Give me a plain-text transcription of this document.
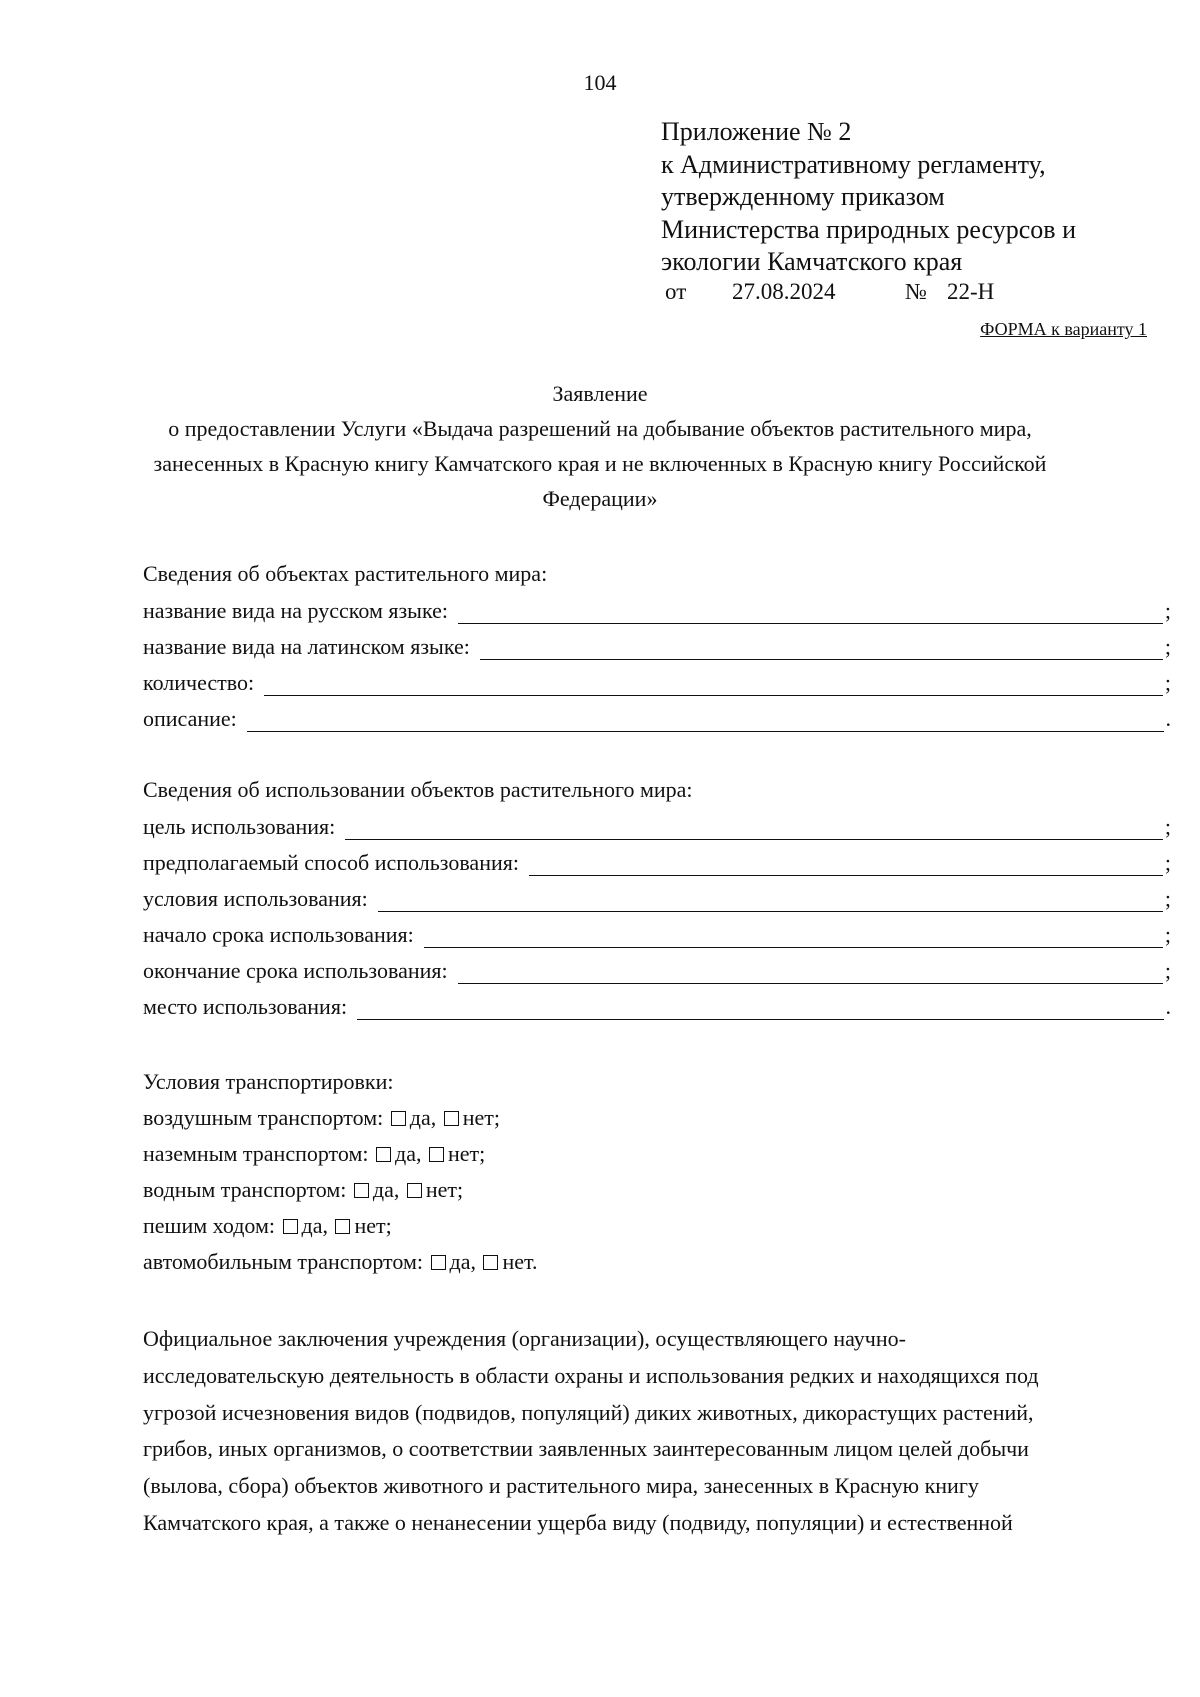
104
Приложение № 2
к Административному регламенту,
утвержденному приказом
Министерства природных ресурсов и
экологии Камчатского края
от 27.08.2024	№ 22-Н
ФОРМА к варианту 1
Заявление
о предоставлении Услуги «Выдача разрешений на добывание объектов растительного мира,
занесенных в Красную книгу Камчатского края и не включенных в Красную книгу Российской
Федерации»
Сведения об объектах растительного мира:
название вида на русском языке:	;
название вида на латинском языке:	;
количество:	;
описание:	.
Сведения об использовании объектов растительного мира:
цель использования:	;
предполагаемый способ использования:	;
условия использования:	;
начало срока использования:	;
окончание срока использования:	;
место использования:	.
Условия транспортировки:
воздушным транспортом: да, нет;
наземным транспортом: да, нет;
водным транспортом: да, нет;
пешим ходом: да, нет;
автомобильным транспортом: да, нет.
Официальное заключения учреждения (организации), осуществляющего научно-
исследовательскую деятельность в области охраны и использования редких и находящихся под
угрозой исчезновения видов (подвидов, популяций) диких животных, дикорастущих растений,
грибов, иных организмов, о соответствии заявленных заинтересованным лицом целей добычи
(вылова, сбора) объектов животного и растительного мира, занесенных в Красную книгу
Камчатского края, а также о ненанесении ущерба виду (подвиду, популяции) и естественной
